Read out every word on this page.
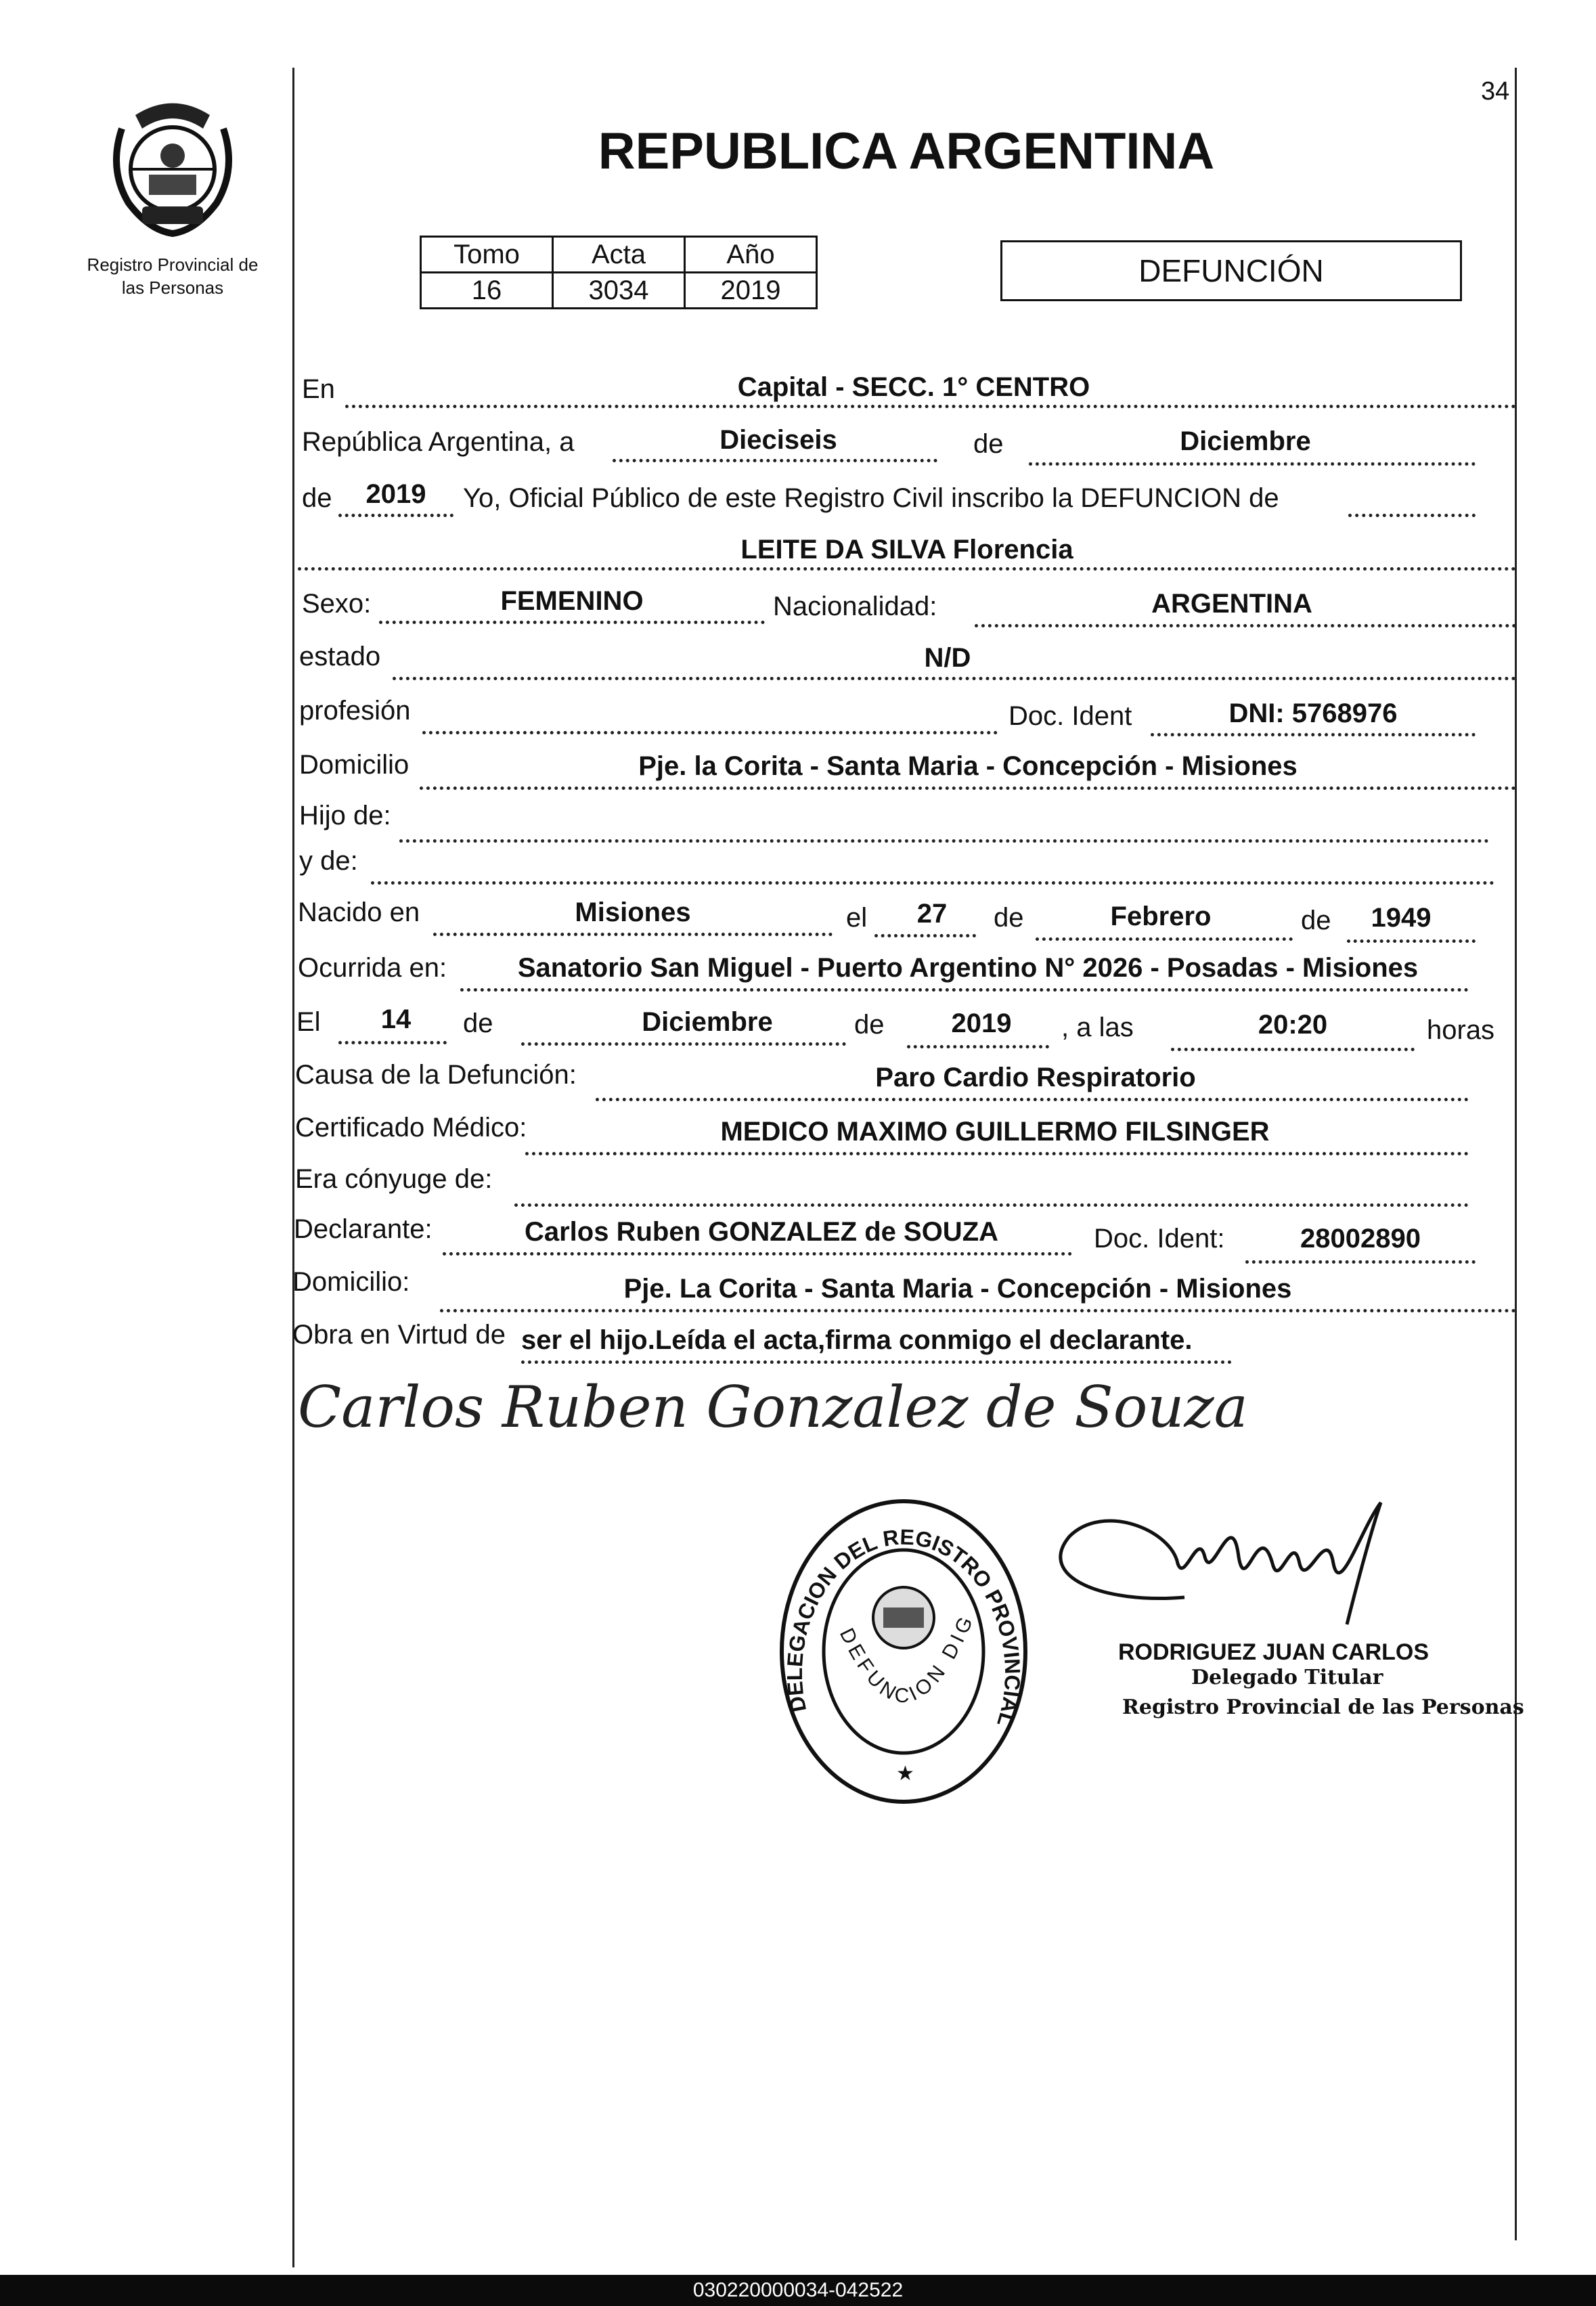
34
Registro Provincial de
las Personas
REPUBLICA ARGENTINA
Tomo	Acta	Año
16	3034	2019
DEFUNCIÓN
En	Capital - SECC. 1° CENTRO
República Argentina, a	Dieciseis	de	Diciembre
de	2019	Yo, Oficial Público de este Registro Civil inscribo la DEFUNCION de
LEITE DA SILVA Florencia
Sexo:	FEMENINO	Nacionalidad:	ARGENTINA
estado	N/D
profesión	Doc. Ident	DNI: 5768976
Domicilio	Pje. la Corita - Santa Maria - Concepción - Misiones
Hijo de:
y de:
Nacido en	Misiones	el	27	de	Febrero	de	1949
Ocurrida en:	Sanatorio San Miguel - Puerto Argentino N° 2026 - Posadas - Misiones
El	14	de	Diciembre	de	2019	, a las	20:20	horas
Causa de la Defunción:	Paro Cardio Respiratorio
Certificado Médico:	MEDICO MAXIMO GUILLERMO FILSINGER
Era cónyuge de:
Declarante:	Carlos Ruben GONZALEZ de SOUZA	Doc. Ident:	28002890
Domicilio:	Pje. La Corita - Santa Maria - Concepción - Misiones
Obra en Virtud de ser el hijo.Leída el acta,firma conmigo el declarante.
Carlos Ruben Gonzalez de Souza
DELEGACION DEL REGISTRO PROVINCIAL
DEFUNCION DIG
★
RODRIGUEZ JUAN CARLOS
Delegado Titular
Registro Provincial de las Personas
030220000034-042522
